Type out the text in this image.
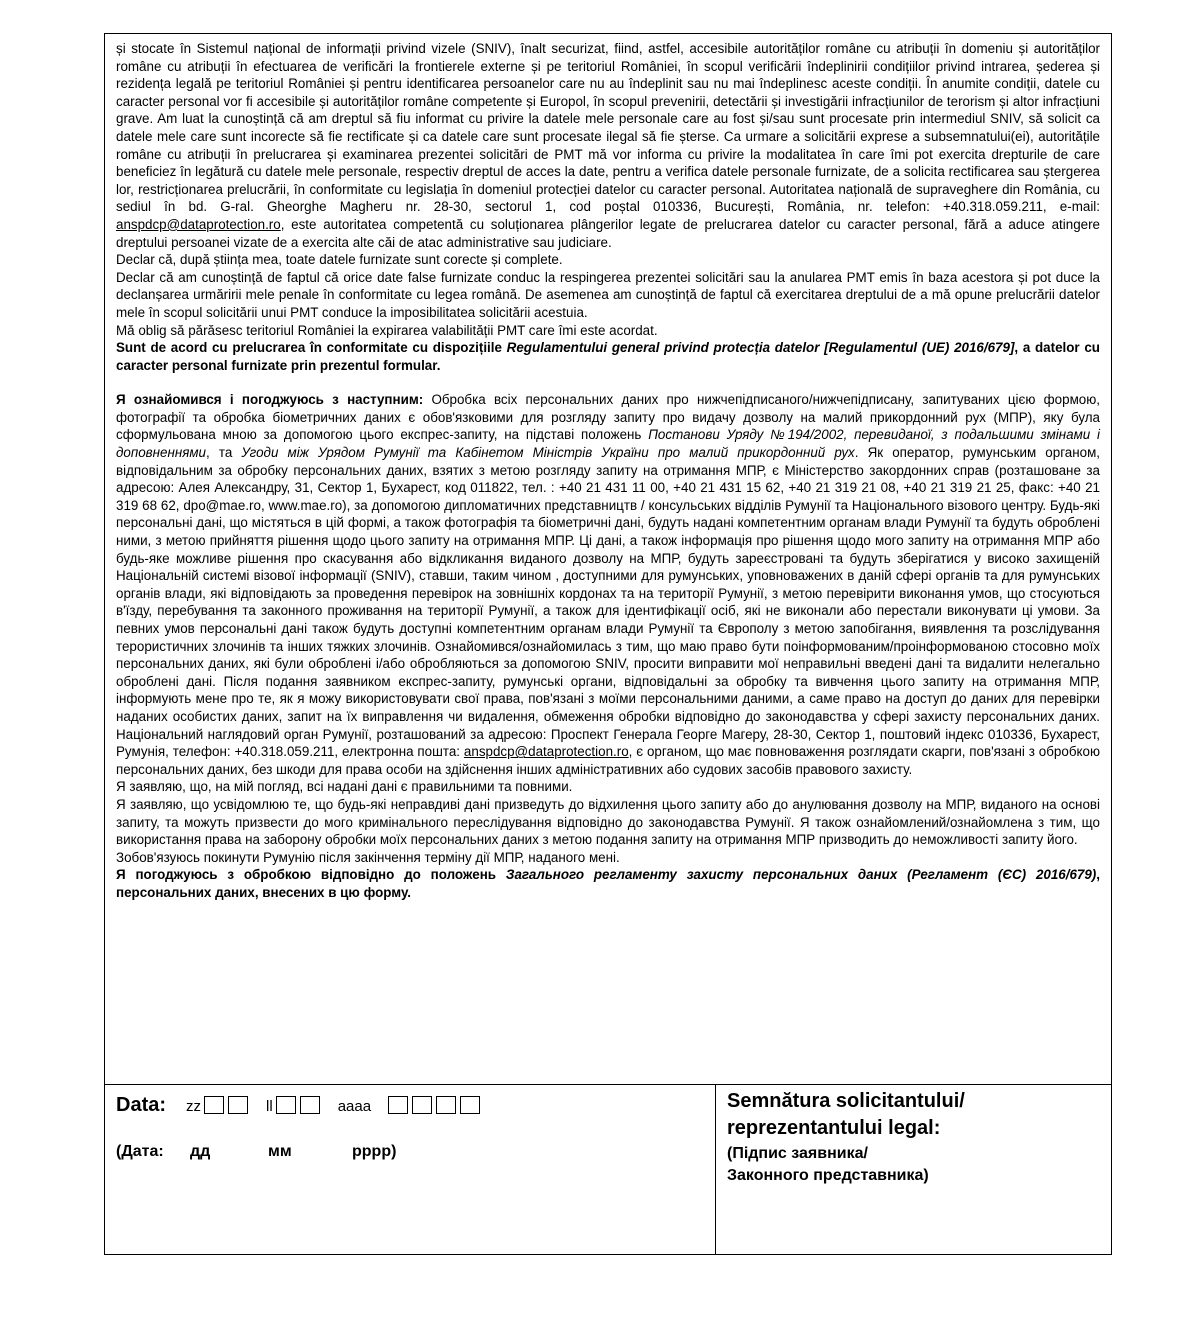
și stocate în Sistemul național de informații privind vizele (SNIV), înalt securizat, fiind, astfel, accesibile autorităților române cu atribuții în domeniu și autorităților române cu atribuții în efectuarea de verificări la frontierele externe și pe teritoriul României, în scopul verificării îndeplinirii condițiilor privind intrarea, șederea și rezidența legală pe teritoriul României și pentru identificarea persoanelor care nu au îndeplinit sau nu mai îndeplinesc aceste condiții. În anumite condiții, datele cu caracter personal vor fi accesibile și autorităților române competente și Europol, în scopul prevenirii, detectării și investigării infracțiunilor de terorism și altor infracțiuni grave. Am luat la cunoștință că am dreptul să fiu informat cu privire la datele mele personale care au fost și/sau sunt procesate prin intermediul SNIV, să solicit ca datele mele care sunt incorecte să fie rectificate și ca datele care sunt procesate ilegal să fie șterse. Ca urmare a solicitării exprese a subsemnatului(ei), autoritățile române cu atribuții în prelucrarea și examinarea prezentei solicitări de PMT mă vor informa cu privire la modalitatea în care îmi pot exercita drepturile de care beneficiez în legătură cu datele mele personale, respectiv dreptul de acces la date, pentru a verifica datele personale furnizate, de a solicita rectificarea sau ștergerea lor, restricționarea prelucrării, în conformitate cu legislația în domeniul protecției datelor cu caracter personal. Autoritatea națională de supraveghere din România, cu sediul în bd. G-ral. Gheorghe Magheru nr. 28-30, sectorul 1, cod poștal 010336, București, România, nr. telefon: +40.318.059.211, e-mail: anspdcp@dataprotection.ro, este autoritatea competentă cu soluționarea plângerilor legate de prelucrarea datelor cu caracter personal, fără a aduce atingere dreptului persoanei vizate de a exercita alte căi de atac administrative sau judiciare.

Declar că, după știința mea, toate datele furnizate sunt corecte și complete.

Declar că am cunoștință de faptul că orice date false furnizate conduc la respingerea prezentei solicitări sau la anularea PMT emis în baza acestora și pot duce la declanșarea urmăririi mele penale în conformitate cu legea română. De asemenea am cunoștință de faptul că exercitarea dreptului de a mă opune prelucrării datelor mele în scopul solicitării unui PMT conduce la imposibilitatea solicitării acestuia.

Mă oblig să părăsesc teritoriul României la expirarea valabilității PMT care îmi este acordat.

Sunt de acord cu prelucrarea în conformitate cu dispozițiile Regulamentului general privind protecția datelor [Regulamentul (UE) 2016/679], a datelor cu caracter personal furnizate prin prezentul formular.

Я ознайомився і погоджуюсь з наступним: Обробка всіх персональних даних про нижчепідписаного/нижчепідписану, запитуваних цією формою, фотографії та обробка біометричних даних є обов'язковими для розгляду запиту про видачу дозволу на малий прикордонний рух (МПР), яку була сформульована мною за допомогою цього експрес-запиту, на підставі положень Постанови Уряду №194/2002, перевиданої, з подальшими змінами і доповненнями, та Угоди між Урядом Румунії та Кабінетом Міністрів України про малий прикордонний рух. Як оператор, румунським органом, відповідальним за обробку персональних даних, взятих з метою розгляду запиту на отримання МПР, є Міністерство закордонних справ (розташоване за адресою: Алея Александру, 31, Сектор 1, Бухарест, код 011822, тел. : +40 21 431 11 00, +40 21 431 15 62, +40 21 319 21 08, +40 21 319 21 25, факс: +40 21 319 68 62, dpo@mae.ro, www.mae.ro), за допомогою дипломатичних представництв / консульських відділів Румунії та Національного візового центру. Будь-які персональні дані, що містяться в цій формі, а також фотографія та біометричні дані, будуть надані компетентним органам влади Румунії та будуть оброблені ними, з метою прийняття рішення щодо цього запиту на отримання МПР. Ці дані, а також інформація про рішення щодо мого запиту на отримання МПР або будь-яке можливе рішення про скасування або відкликання виданого дозволу на МПР, будуть зареєстровані та будуть зберігатися у високо захищеній Національній системі візової інформації (SNIV), ставши, таким чином , доступними для румунських, уповноважених в даній сфері органів та для румунських органів влади, які відповідають за проведення перевірок на зовнішніх кордонах та на території Румунії, з метою перевірити виконання умов, що стосуються в'їзду, перебування та законного проживання на території Румунії, а також для ідентифікації осіб, які не виконали або перестали виконувати ці умови. За певних умов персональні дані також будуть доступні компетентним органам влади Румунії та Європолу з метою запобігання, виявлення та розслідування терористичних злочинів та інших тяжких злочинів. Ознайомився/ознайомилась з тим, що маю право бути поінформованим/проінформованою стосовно моїх персональних даних, які були оброблені і/або обробляються за допомогою SNIV, просити виправити мої неправильні введені дані та видалити нелегально оброблені дані. Після подання заявником експрес-запиту, румунські органи, відповідальні за обробку та вивчення цього запиту на отримання МПР, інформують мене про те, як я можу використовувати свої права, пов'язані з моїми персональними даними, а саме право на доступ до даних для перевірки наданих особистих даних, запит на їх виправлення чи видалення, обмеження обробки відповідно до законодавства у сфері захисту персональних даних. Національний наглядовий орган Румунії, розташований за адресою: Проспект Генерала Георге Магеру, 28-30, Сектор 1, поштовий індекс 010336, Бухарест, Румунія, телефон: +40.318.059.211, електронна пошта: anspdcp@dataprotection.ro, є органом, що має повноваження розглядати скарги, пов'язані з обробкою персональних даних, без шкоди для права особи на здійснення інших адміністративних або судових засобів правового захисту.

Я заявляю, що, на мій погляд, всі надані дані є правильними та повними.

Я заявляю, що усвідомлюю те, що будь-які неправдиві дані призведуть до відхилення цього запиту або до анулювання дозволу на МПР, виданого на основі запиту, та можуть призвести до мого кримінального переслідування відповідно до законодавства Румунії. Я також ознайомлений/ознайомлена з тим, що використання права на заборону обробки моїх персональних даних з метою подання запиту на отримання МПР призводить до неможливості запиту його.

Зобов'язуюсь покинути Румунію після закінчення терміну дії МПР, наданого мені.

Я погоджуюсь з обробкою відповідно до положень Загального регламенту захисту персональних даних (Регламент (ЄС) 2016/679), персональних даних, внесених в цю форму.

Data: zz	ll	aaaa
(Дата:	дд	мм	рррр)
Semnătura solicitantului/
reprezentantului legal:
(Підпис заявника/
Законного представника)
